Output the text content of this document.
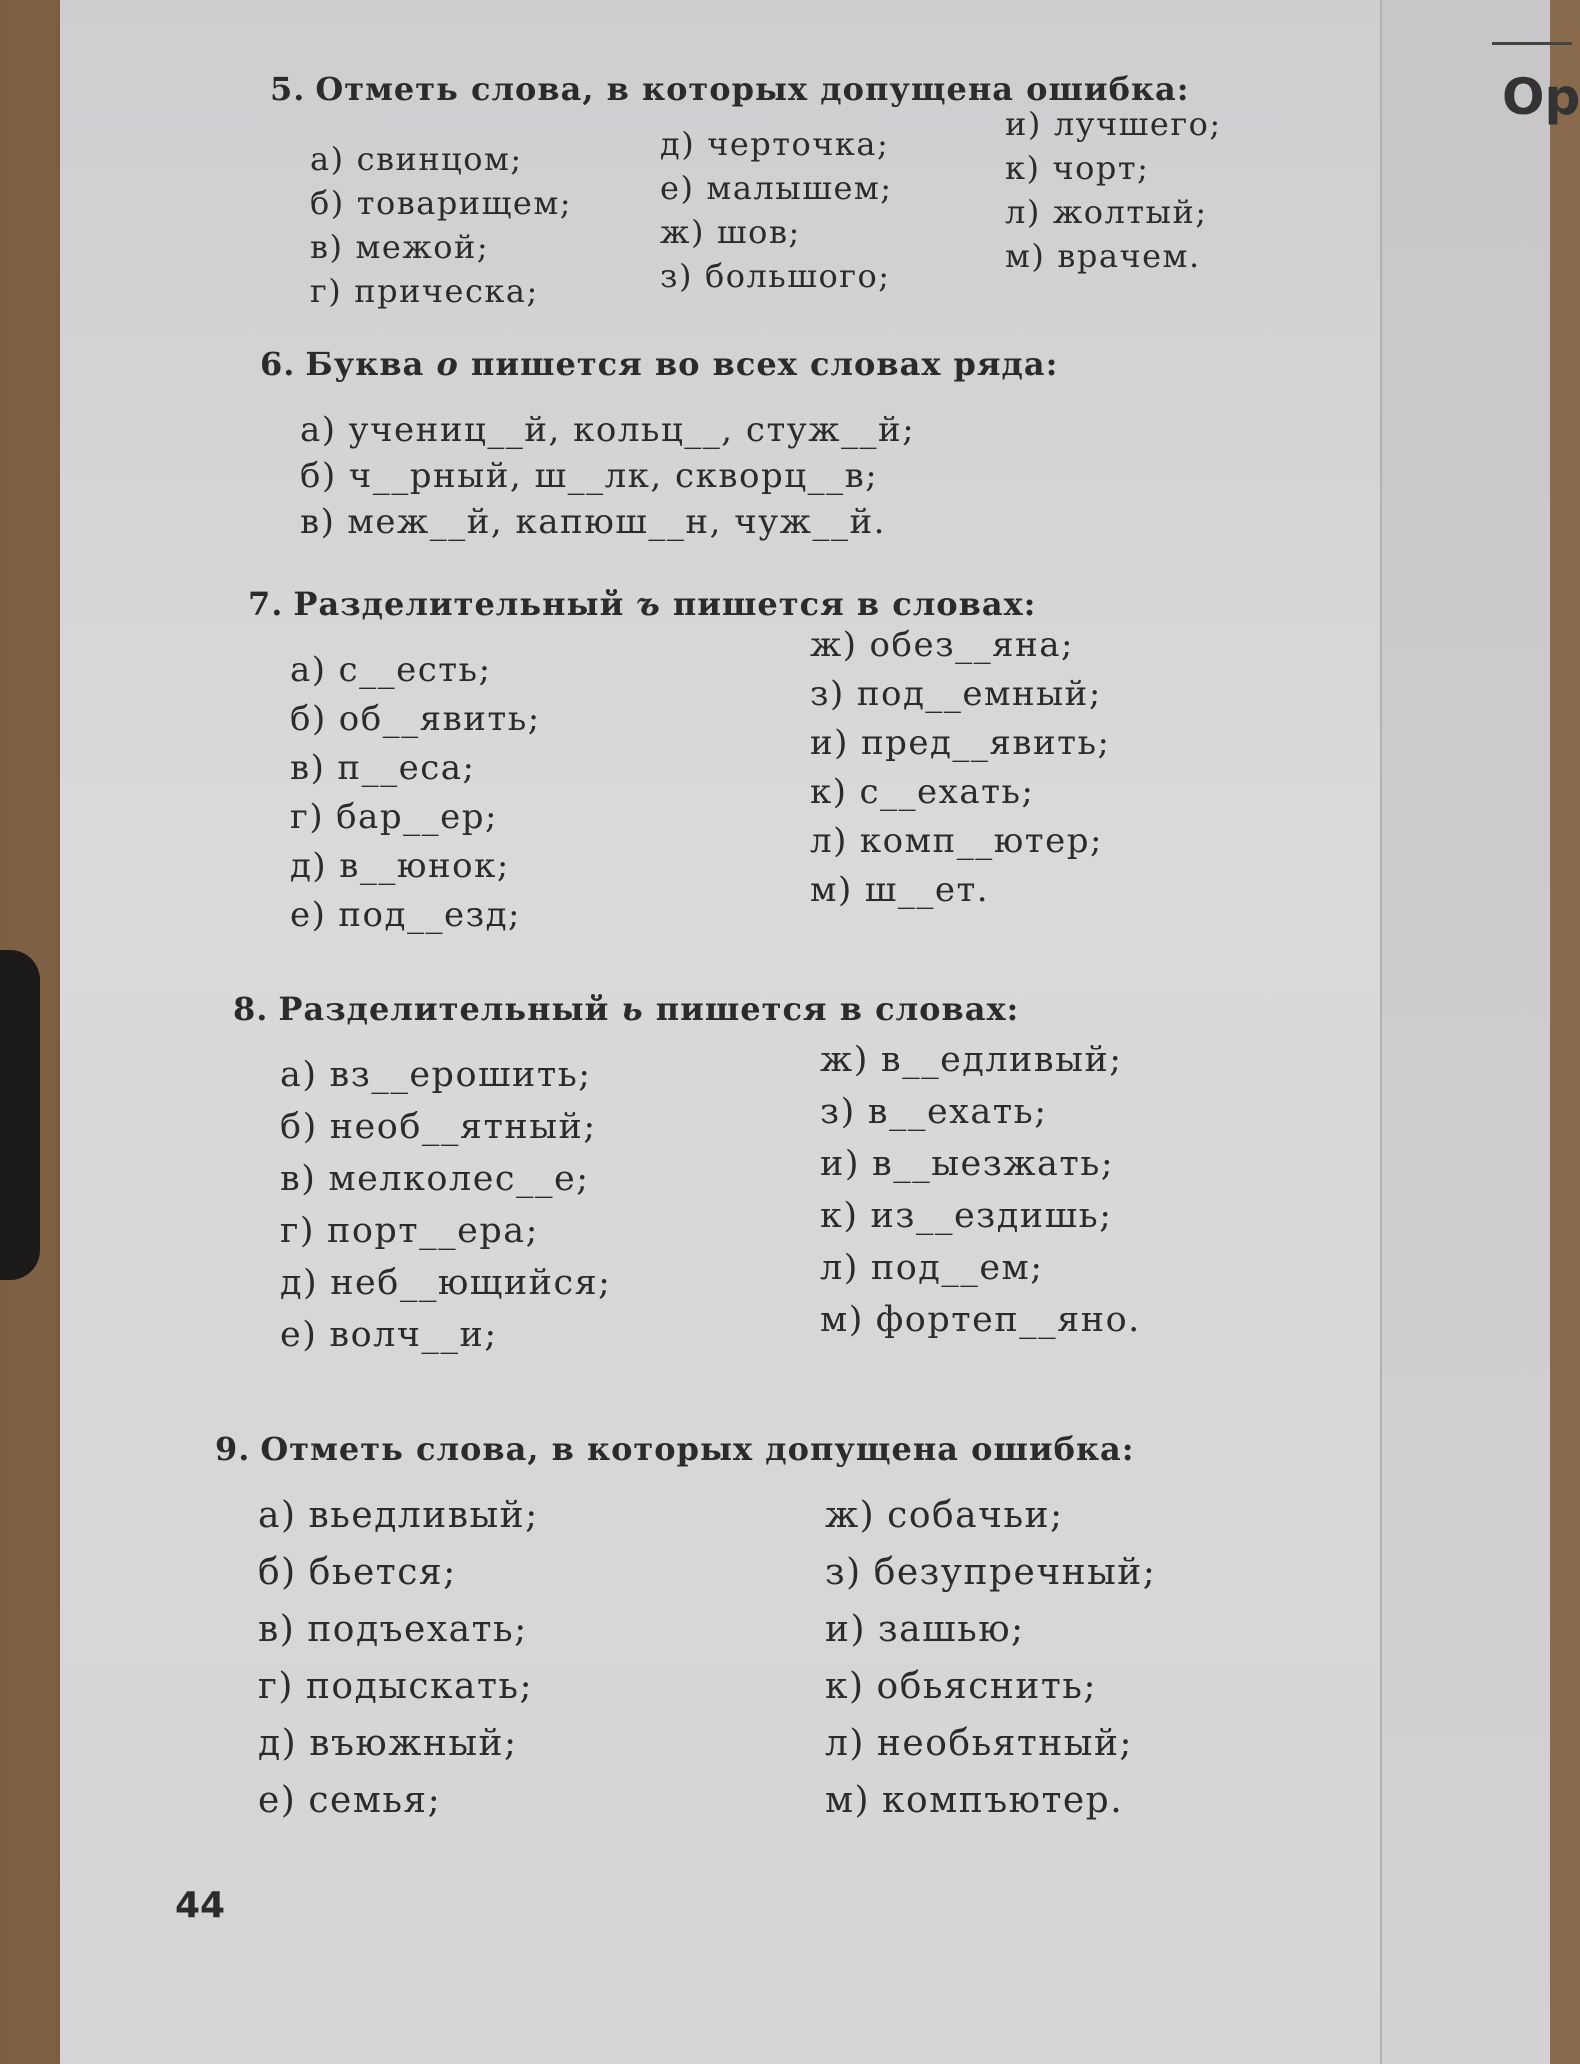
Ор
5. Отметь слова, в которых допущена ошибка:
а) свинцом;
б) товарищем;
в) межой;
г) прическа;
д) черточка;
е) малышем;
ж) шов;
з) большого;
и) лучшего;
к) чорт;
л) жолтый;
м) врачем.
6. Буква о пишется во всех словах ряда:
а) учениц__й, кольц__, стуж__й;
б) ч__рный, ш__лк, скворц__в;
в) меж__й, капюш__н, чуж__й.
7. Разделительный ъ пишется в словах:
а) с__есть;
б) об__явить;
в) п__еса;
г) бар__ер;
д) в__юнок;
е) под__езд;
ж) обез__яна;
з) под__емный;
и) пред__явить;
к) с__ехать;
л) комп__ютер;
м) ш__ет.
8. Разделительный ь пишется в словах:
а) вз__ерошить;
б) необ__ятный;
в) мелколес__е;
г) порт__ера;
д) неб__ющийся;
е) волч__и;
ж) в__едливый;
з) в__ехать;
и) в__ыезжать;
к) из__ездишь;
л) под__ем;
м) фортеп__яно.
9. Отметь слова, в которых допущена ошибка:
а) вьедливый;
б) бьется;
в) подъехать;
г) подыскать;
д) въюжный;
е) семья;
ж) собачьи;
з) безупречный;
и) зашью;
к) обьяснить;
л) необьятный;
м) компъютер.
44
